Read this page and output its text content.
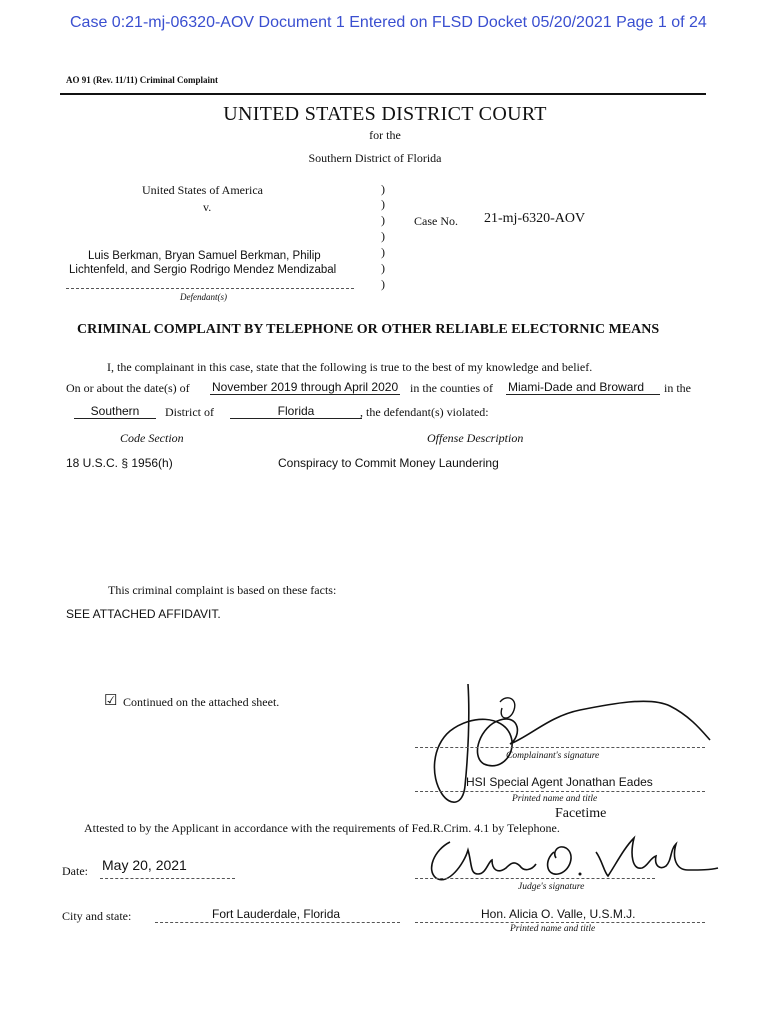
Case 0:21-mj-06320-AOV Document 1 Entered on FLSD Docket 05/20/2021 Page 1 of 24
AO 91 (Rev. 11/11) Criminal Complaint
UNITED STATES DISTRICT COURT
for the
Southern District of Florida
United States of America
v.
Luis Berkman, Bryan Samuel Berkman, Philip
Lichtenfeld, and Sergio Rodrigo Mendez Mendizabal
Defendant(s)
)
)
)
)
)
)
)
Case No. 21-mj-6320-AOV
CRIMINAL COMPLAINT BY TELEPHONE OR OTHER RELIABLE ELECTORNIC MEANS
I, the complainant in this case, state that the following is true to the best of my knowledge and belief.
On or about the date(s) of November 2019 through April 2020 in the counties of Miami-Dade and Broward	in the
Southern	District of	Florida	, the defendant(s) violated:
Code Section	Offense Description
18 U.S.C. § 1956(h)	Conspiracy to Commit Money Laundering
This criminal complaint is based on these facts:
SEE ATTACHED AFFIDAVIT.
☑ Continued on the attached sheet.
Complainant's signature
HSI Special Agent Jonathan Eades
Printed name and title
Facetime
Attested to by the Applicant in accordance with the requirements of Fed.R.Crim. 4.1 by Telephone.
Date: May 20, 2021
Judge's signature
City and state:	Fort Lauderdale, Florida	Hon. Alicia O. Valle, U.S.M.J.
Printed name and title
